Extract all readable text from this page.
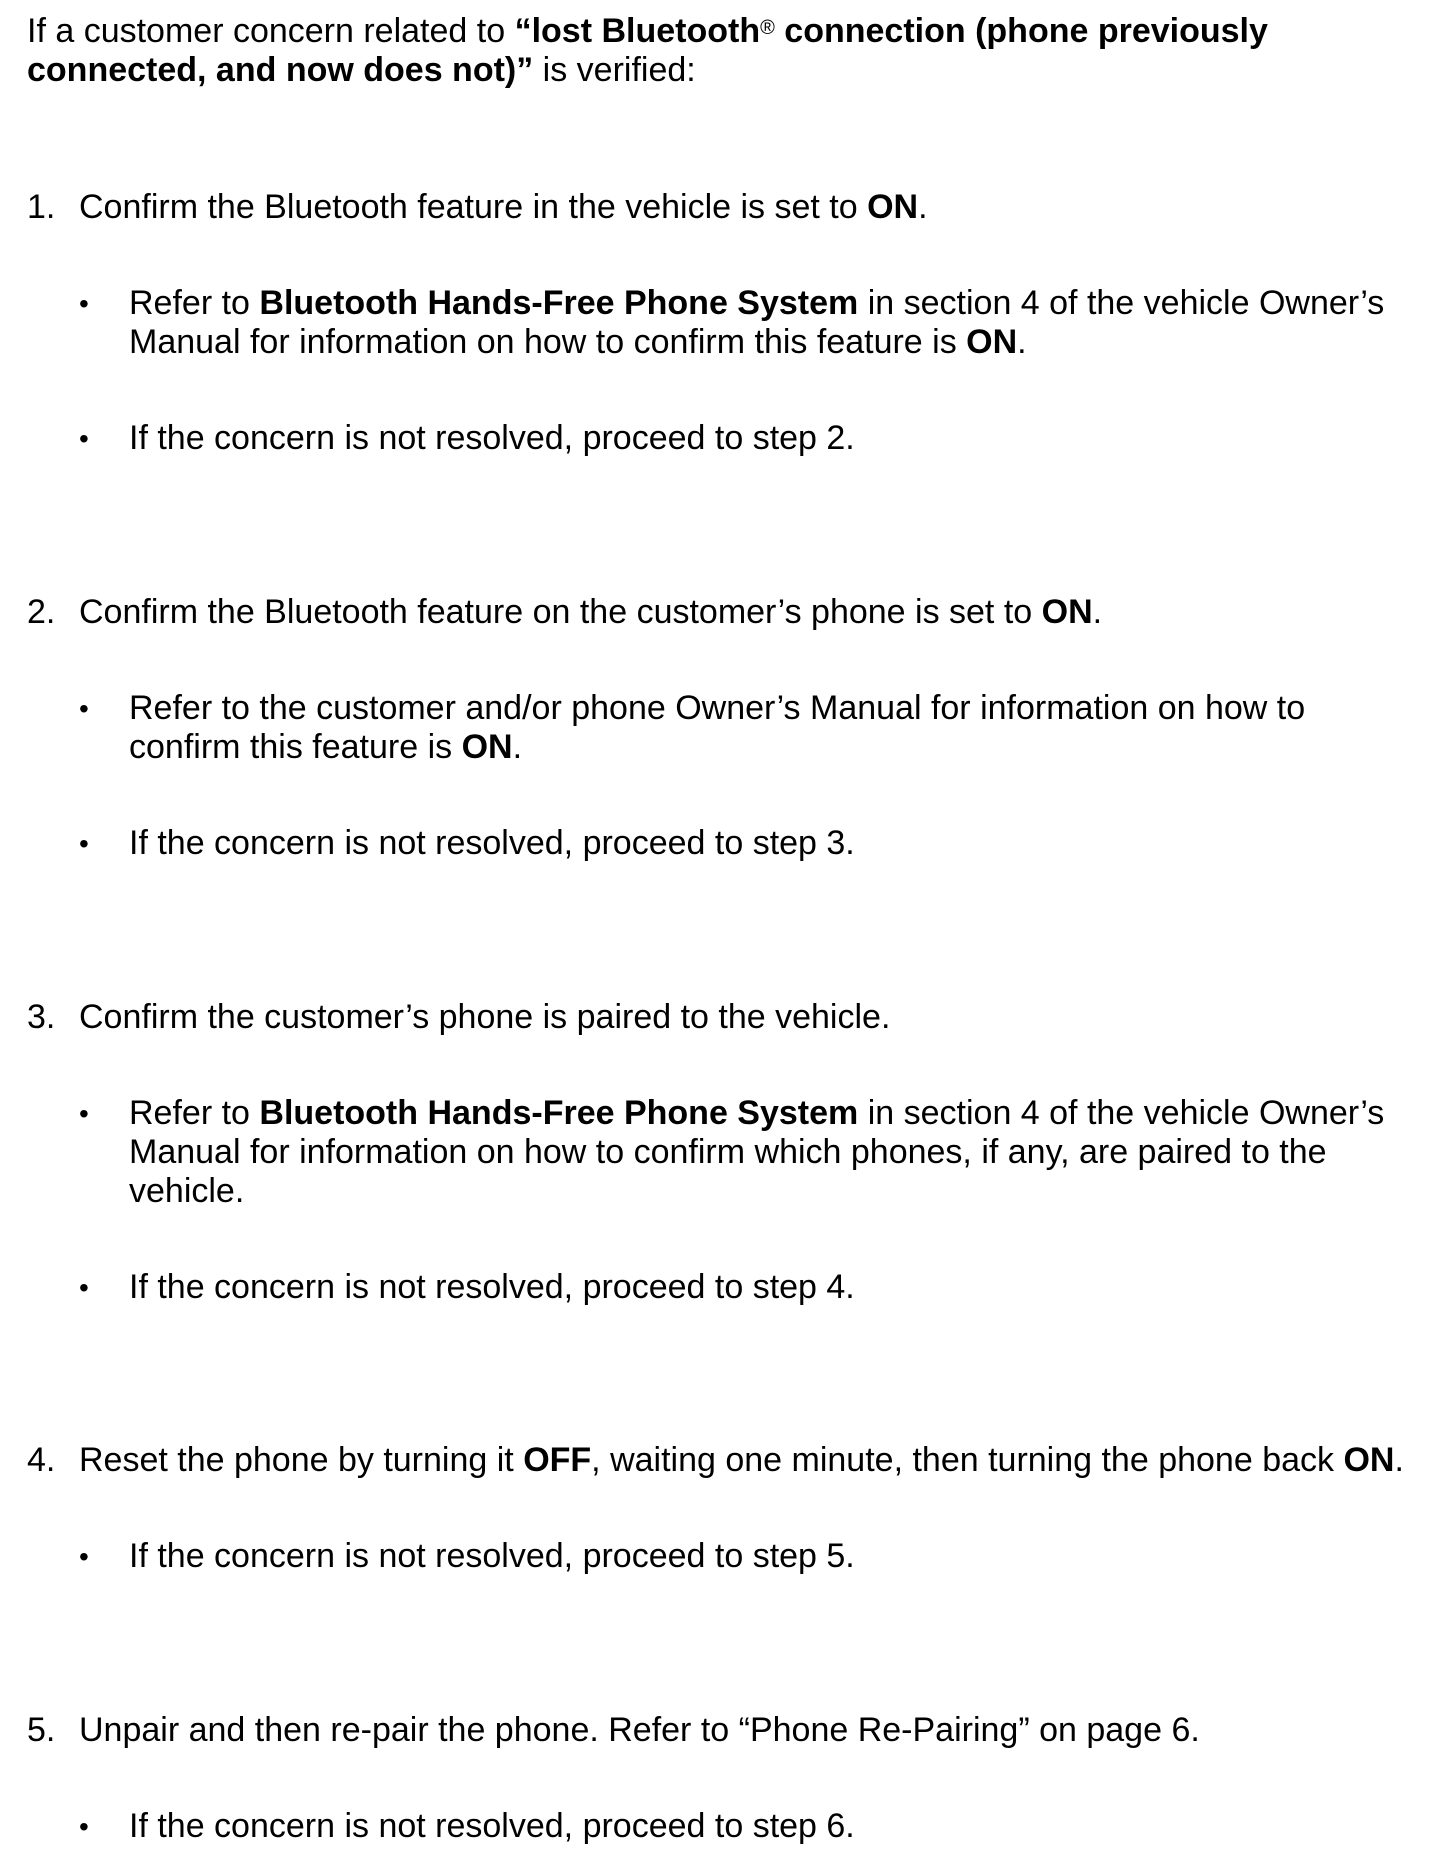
If a customer concern related to “lost Bluetooth® connection (phone previously connected, and now does not)” is verified:
1. Confirm the Bluetooth feature in the vehicle is set to ON.
• Refer to Bluetooth Hands-Free Phone System in section 4 of the vehicle Owner’s Manual for information on how to confirm this feature is ON.
• If the concern is not resolved, proceed to step 2.
2. Confirm the Bluetooth feature on the customer’s phone is set to ON.
• Refer to the customer and/or phone Owner’s Manual for information on how to confirm this feature is ON.
• If the concern is not resolved, proceed to step 3.
3. Confirm the customer’s phone is paired to the vehicle.
• Refer to Bluetooth Hands-Free Phone System in section 4 of the vehicle Owner’s Manual for information on how to confirm which phones, if any, are paired to the vehicle.
• If the concern is not resolved, proceed to step 4.
4. Reset the phone by turning it OFF, waiting one minute, then turning the phone back ON.
• If the concern is not resolved, proceed to step 5.
5. Unpair and then re-pair the phone. Refer to “Phone Re-Pairing” on page 6.
• If the concern is not resolved, proceed to step 6.
